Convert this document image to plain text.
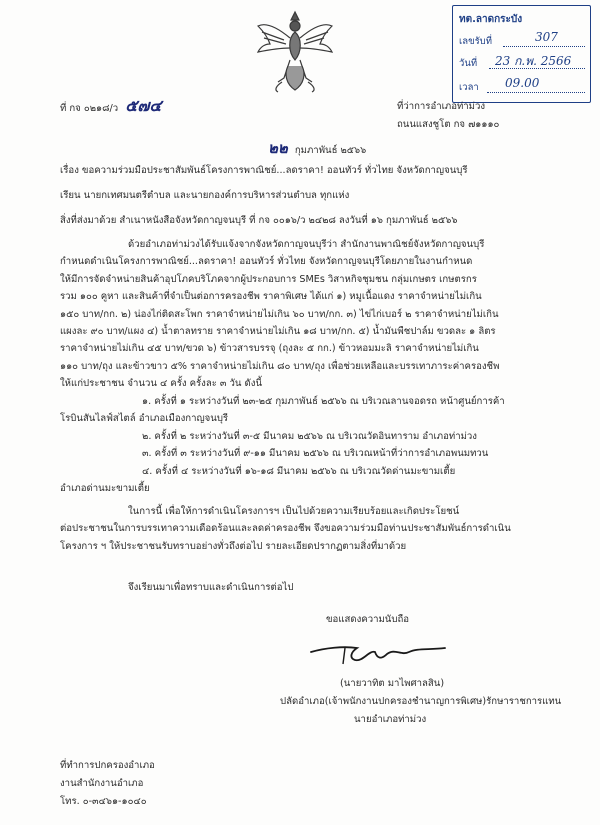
ทต.ลาดกระบัง
เลขรับที่	307
วันที่ 23 ก.พ. 2566
เวลา 09.00
ที่ กจ ๐๒๑๘/ว ๕๗๔	ที่ว่าการอำเภอท่าม่วง
ถนนแสงชูโต กจ ๗๑๑๑๐
๒๒ กุมภาพันธ์ ๒๕๖๖
เรื่อง ขอความร่วมมือประชาสัมพันธ์โครงการพาณิชย์...ลดราคา! ออนทัวร์ ทั่วไทย จังหวัดกาญจนบุรี
เรียน นายกเทศมนตรีตำบล และนายกองค์การบริหารส่วนตำบล ทุกแห่ง
สิ่งที่ส่งมาด้วย สำเนาหนังสือจังหวัดกาญจนบุรี ที่ กจ ๐๐๑๖/ว ๒๔๒๘ ลงวันที่ ๑๖ กุมภาพันธ์ ๒๕๖๖
ด้วยอำเภอท่าม่วงได้รับแจ้งจากจังหวัดกาญจนบุรีว่า สำนักงานพาณิชย์จังหวัดกาญจนบุรี
กำหนดดำเนินโครงการพาณิชย์...ลดราคา! ออนทัวร์ ทั่วไทย จังหวัดกาญจนบุรีโดยภายในงานกำหนด
ให้มีการจัดจำหน่ายสินค้าอุปโภคบริโภคจากผู้ประกอบการ SMEs วิสาหกิจชุมชน กลุ่มเกษตร เกษตรกร
รวม ๑๐๐ คูหา และสินค้าที่จำเป็นต่อการครองชีพ ราคาพิเศษ ได้แก่ ๑) หมูเนื้อแดง ราคาจำหน่ายไม่เกิน
๑๕๐ บาท/กก. ๒) น่องไก่ติดสะโพก ราคาจำหน่ายไม่เกิน ๖๐ บาท/กก. ๓) ไข่ไก่เบอร์ ๒ ราคาจำหน่ายไม่เกิน
แผงละ ๙๐ บาท/แผง ๔) น้ำตาลทราย ราคาจำหน่ายไม่เกิน ๑๘ บาท/กก. ๕) น้ำมันพืชปาล์ม ขวดละ ๑ ลิตร
ราคาจำหน่ายไม่เกิน ๔๕ บาท/ขวด ๖) ข้าวสารบรรจุ (ถุงละ ๕ กก.) ข้าวหอมมะลิ ราคาจำหน่ายไม่เกิน
๑๑๐ บาท/ถุง และข้าวขาว ๕% ราคาจำหน่ายไม่เกิน ๘๐ บาท/ถุง เพื่อช่วยเหลือและบรรเทาภาระค่าครองชีพ
ให้แก่ประชาชน จำนวน ๔ ครั้ง ครั้งละ ๓ วัน ดังนี้
๑. ครั้งที่ ๑ ระหว่างวันที่ ๒๓-๒๕ กุมภาพันธ์ ๒๕๖๖ ณ บริเวณลานจอดรถ หน้าศูนย์การค้า
โรบินสันไลฟ์สไตล์ อำเภอเมืองกาญจนบุรี
๒. ครั้งที่ ๒ ระหว่างวันที่ ๓-๕ มีนาคม ๒๕๖๖ ณ บริเวณวัดอินทาราม อำเภอท่าม่วง
๓. ครั้งที่ ๓ ระหว่างวันที่ ๙-๑๑ มีนาคม ๒๕๖๖ ณ บริเวณหน้าที่ว่าการอำเภอพนมทวน
๔. ครั้งที่ ๔ ระหว่างวันที่ ๑๖-๑๘ มีนาคม ๒๕๖๖ ณ บริเวณวัดด่านมะขามเตี้ย
อำเภอด่านมะขามเตี้ย
ในการนี้ เพื่อให้การดำเนินโครงการฯ เป็นไปด้วยความเรียบร้อยและเกิดประโยชน์
ต่อประชาชนในการบรรเทาความเดือดร้อนและลดค่าครองชีพ จึงขอความร่วมมือท่านประชาสัมพันธ์การดำเนิน
โครงการ ฯ ให้ประชาชนรับทราบอย่างทั่วถึงต่อไป รายละเอียดปรากฏตามสิ่งที่มาด้วย
จึงเรียนมาเพื่อทราบและดำเนินการต่อไป
ขอแสดงความนับถือ
(นายวาทิต มาไพศาลสิน)
ปลัดอำเภอ(เจ้าพนักงานปกครองชำนาญการพิเศษ)รักษาราชการแทน
นายอำเภอท่าม่วง
ที่ทำการปกครองอำเภอ
งานสำนักงานอำเภอ
โทร. ๐-๓๔๖๑-๑๐๔๐
